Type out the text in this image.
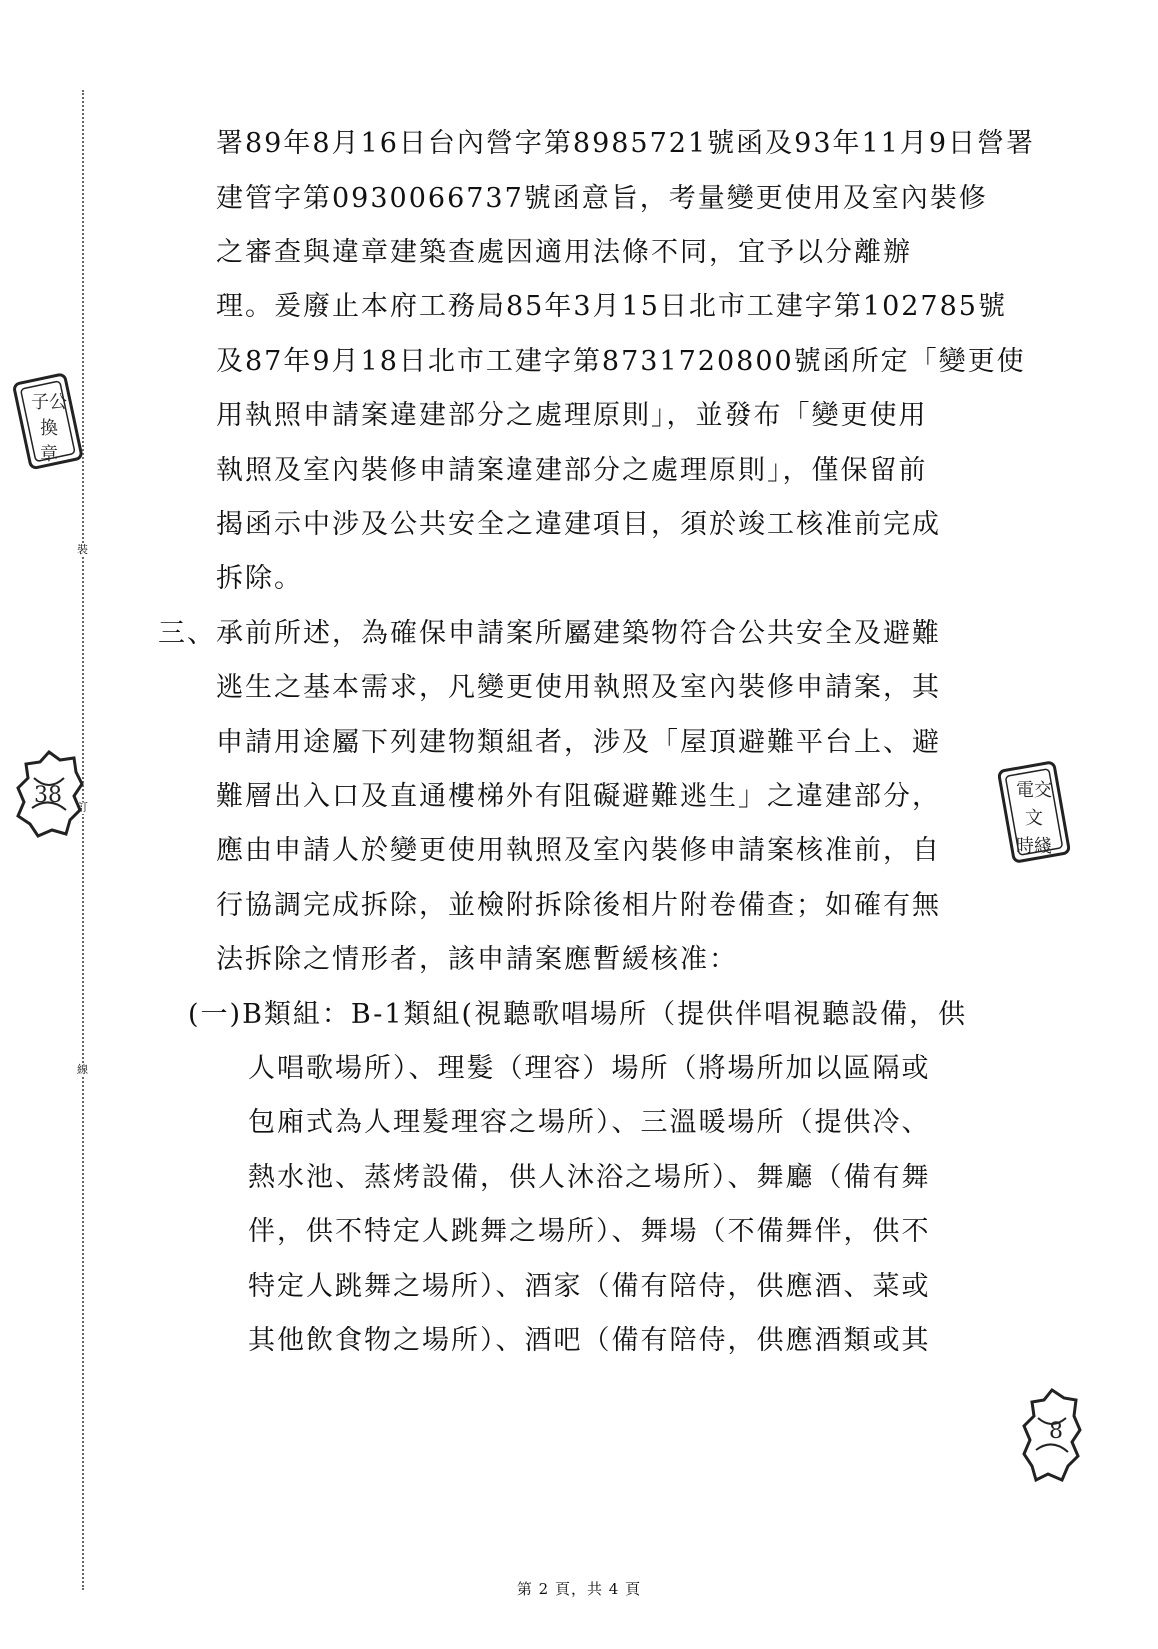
裝
訂
線
子公
換
章
38	電交
文
時綫
8
署89年8月16日台內營字第8985721號函及93年11月9日營署
建管字第0930066737號函意旨，考量變更使用及室內裝修
之審查與違章建築查處因適用法條不同，宜予以分離辦
理。爰廢止本府工務局85年3月15日北市工建字第102785號
及87年9月18日北市工建字第8731720800號函所定「變更使
用執照申請案違建部分之處理原則」，並發布「變更使用
執照及室內裝修申請案違建部分之處理原則」，僅保留前
揭函示中涉及公共安全之違建項目，須於竣工核准前完成
拆除。
三、承前所述，為確保申請案所屬建築物符合公共安全及避難
逃生之基本需求，凡變更使用執照及室內裝修申請案，其
申請用途屬下列建物類組者，涉及「屋頂避難平台上、避
難層出入口及直通樓梯外有阻礙避難逃生」之違建部分，
應由申請人於變更使用執照及室內裝修申請案核准前，自
行協調完成拆除，並檢附拆除後相片附卷備查；如確有無
法拆除之情形者，該申請案應暫緩核准：
(一)B類組：B-1類組(視聽歌唱場所（提供伴唱視聽設備，供
人唱歌場所）、理髮（理容）場所（將場所加以區隔或
包廂式為人理髮理容之場所）、三溫暖場所（提供冷、
熱水池、蒸烤設備，供人沐浴之場所）、舞廳（備有舞
伴，供不特定人跳舞之場所）、舞場（不備舞伴，供不
特定人跳舞之場所）、酒家（備有陪侍，供應酒、菜或
其他飲食物之場所）、酒吧（備有陪侍，供應酒類或其
第 2 頁，共 4 頁
